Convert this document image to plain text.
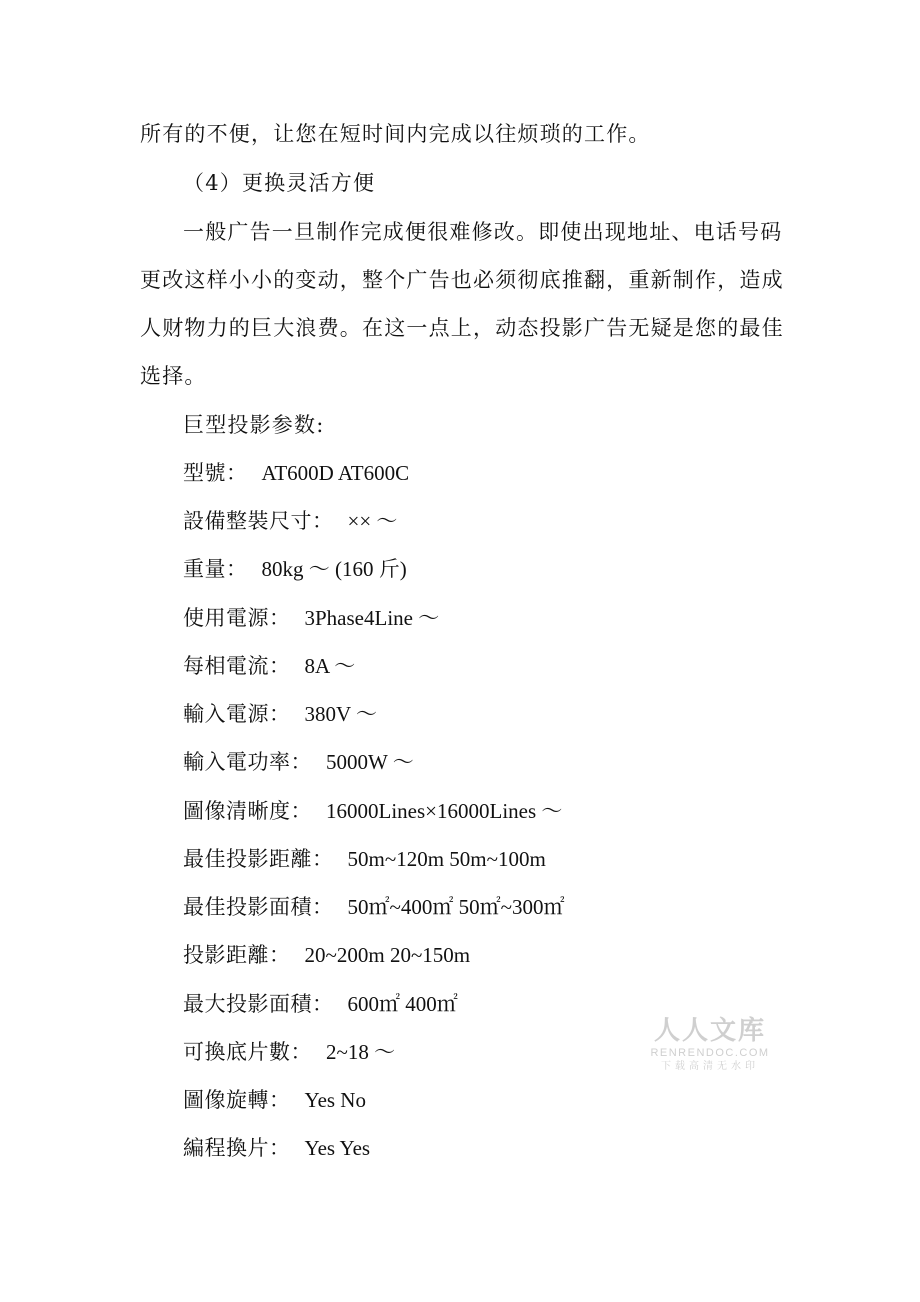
所有的不便，让您在短时间内完成以往烦琐的工作。
（4）更换灵活方便
一般广告一旦制作完成便很难修改。即使出现地址、电话号码
更改这样小小的变动，整个广告也必须彻底推翻，重新制作，造成
人财物力的巨大浪费。在这一点上，动态投影广告无疑是您的最佳
选择。
巨型投影参数:
型號： AT600D AT600C
設備整裝尺寸： ×× ～
重量： 80kg ～ (160 斤)
使用電源： 3Phase4Line ～
每相電流： 8A ～
輸入電源： 380V ～
輸入電功率： 5000W ～
圖像清晰度： 16000Lines×16000Lines ～
最佳投影距離： 50m~120m 50m~100m
最佳投影面積： 50㎡~400㎡ 50㎡~300㎡
投影距離： 20~200m 20~150m
最大投影面積： 600㎡ 400㎡
可換底片數： 2~18 ～
圖像旋轉： Yes No
編程換片： Yes Yes
人人文库
RENRENDOC.COM
下载高清无水印
